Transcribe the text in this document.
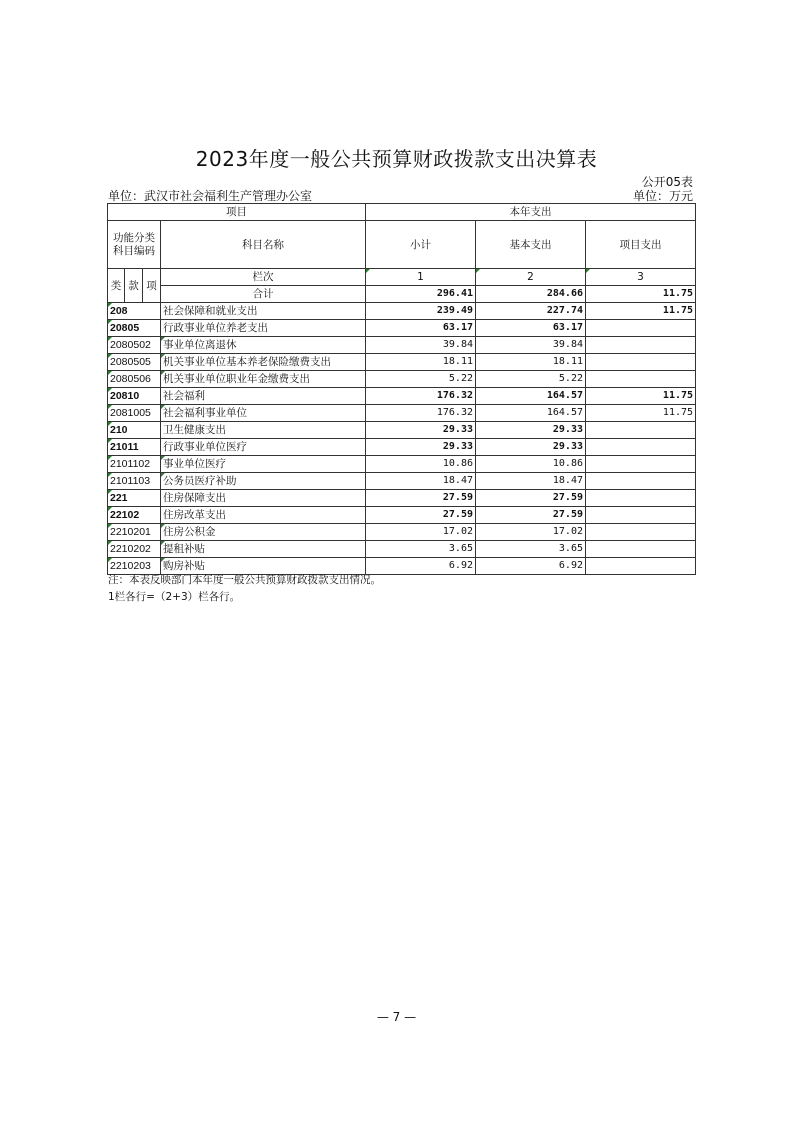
2023年度一般公共预算财政拨款支出决算表
公开05表
单位：武汉市社会福利生产管理办公室	单位：万元
项目				本年支出		

功能分类
科目编码			科目名称	小计	基本支出	项目支出
类	款	项	栏次	1	2	3
			合计	296.41	284.66	11.75
208			社会保障和就业支出	239.49	227.74	11.75
20805			行政事业单位养老支出	63.17	63.17	
2080502			事业单位离退休	39.84	39.84	
2080505			机关事业单位基本养老保险缴费支出	18.11	18.11	
2080506			机关事业单位职业年金缴费支出	5.22	5.22	
20810			社会福利	176.32	164.57	11.75
2081005			社会福利事业单位	176.32	164.57	11.75
210			卫生健康支出	29.33	29.33	
21011			行政事业单位医疗	29.33	29.33	
2101102			事业单位医疗	10.86	10.86	
2101103			公务员医疗补助	18.47	18.47	
221			住房保障支出	27.59	27.59	
22102			住房改革支出	27.59	27.59	
2210201			住房公积金	17.02	17.02	
2210202			提租补贴	3.65	3.65	
2210203			购房补贴	6.92	6.92	
注：本表反映部门本年度一般公共预算财政拨款支出情况。
1栏各行=（2+3）栏各行。
— 7 —
